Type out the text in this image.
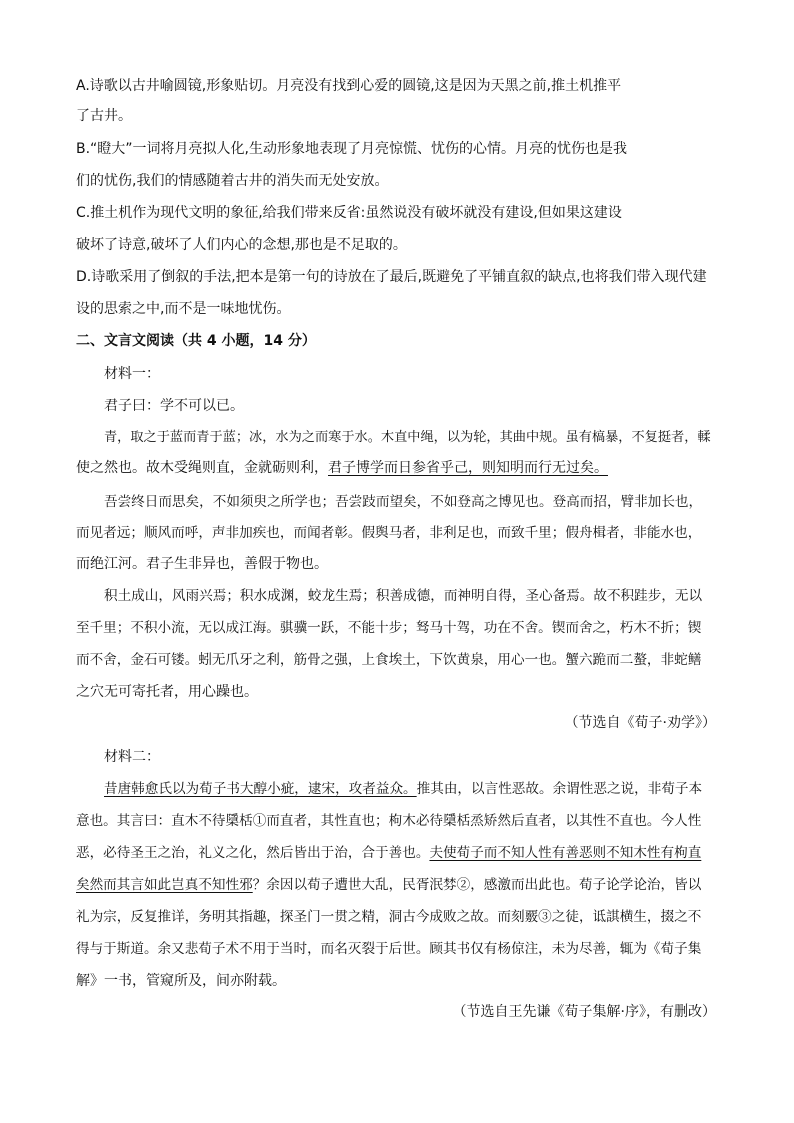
A.诗歌以古井喻圆镜,形象贴切。月亮没有找到心爱的圆镜,这是因为天黑之前,推土机推平
了古井。
B.“瞪大”一词将月亮拟人化,生动形象地表现了月亮惊慌、忧伤的心情。月亮的忧伤也是我
们的忧伤,我们的情感随着古井的消失而无处安放。
C.推土机作为现代文明的象征,给我们带来反省:虽然说没有破坏就没有建设,但如果这建设
破坏了诗意,破坏了人们内心的念想,那也是不足取的。
D.诗歌采用了倒叙的手法,把本是第一句的诗放在了最后,既避免了平铺直叙的缺点,也将我们带入现代建
设的思索之中,而不是一味地忧伤。
二、文言文阅读（共 4 小题，14 分）
材料一：
君子曰：学不可以已。
青，取之于蓝而青于蓝；冰，水为之而寒于水。木直中绳，以为轮，其曲中规。虽有槁暴，不复挺者，輮
使之然也。故木受绳则直，金就砺则利，君子博学而日参省乎己，则知明而行无过矣。
吾尝终日而思矣，不如须臾之所学也；吾尝跂而望矣，不如登高之博见也。登高而招，臂非加长也，
而见者远；顺风而呼，声非加疾也，而闻者彰。假舆马者，非利足也，而致千里；假舟楫者，非能水也，
而绝江河。君子生非异也，善假于物也。
积土成山，风雨兴焉；积水成渊，蛟龙生焉；积善成德，而神明自得，圣心备焉。故不积跬步，无以
至千里；不积小流，无以成江海。骐骥一跃，不能十步；驽马十驾，功在不舍。锲而舍之，朽木不折；锲
而不舍，金石可镂。蚓无爪牙之利，筋骨之强，上食埃土，下饮黄泉，用心一也。蟹六跪而二螯，非蛇鳝
之穴无可寄托者，用心躁也。
（节选自《荀子·劝学》）
材料二：
昔唐韩愈氏以为荀子书大醇小疵，逮宋，攻者益众。推其由，以言性恶故。余谓性恶之说，非荀子本
意也。其言曰：直木不待檃栝①而直者，其性直也；枸木必待檃栝烝矫然后直者，以其性不直也。今人性
恶，必待圣王之治，礼义之化，然后皆出于治，合于善也。夫使荀子而不知人性有善恶则不知木性有枸直
矣然而其言如此岂真不知性邪？余因以荀子遭世大乱，民胥泯棼②，感激而出此也。荀子论学论治，皆以
礼为宗，反复推详，务明其指趣，探圣门一贯之精，洞古今成败之故。而刻覈③之徒，诋諆横生，掇之不
得与于斯道。余又悲荀子术不用于当时，而名灭裂于后世。顾其书仅有杨倞注，未为尽善，辄为《荀子集
解》一书，管窥所及，间亦附载。
（节选自王先谦《荀子集解·序》，有删改）
